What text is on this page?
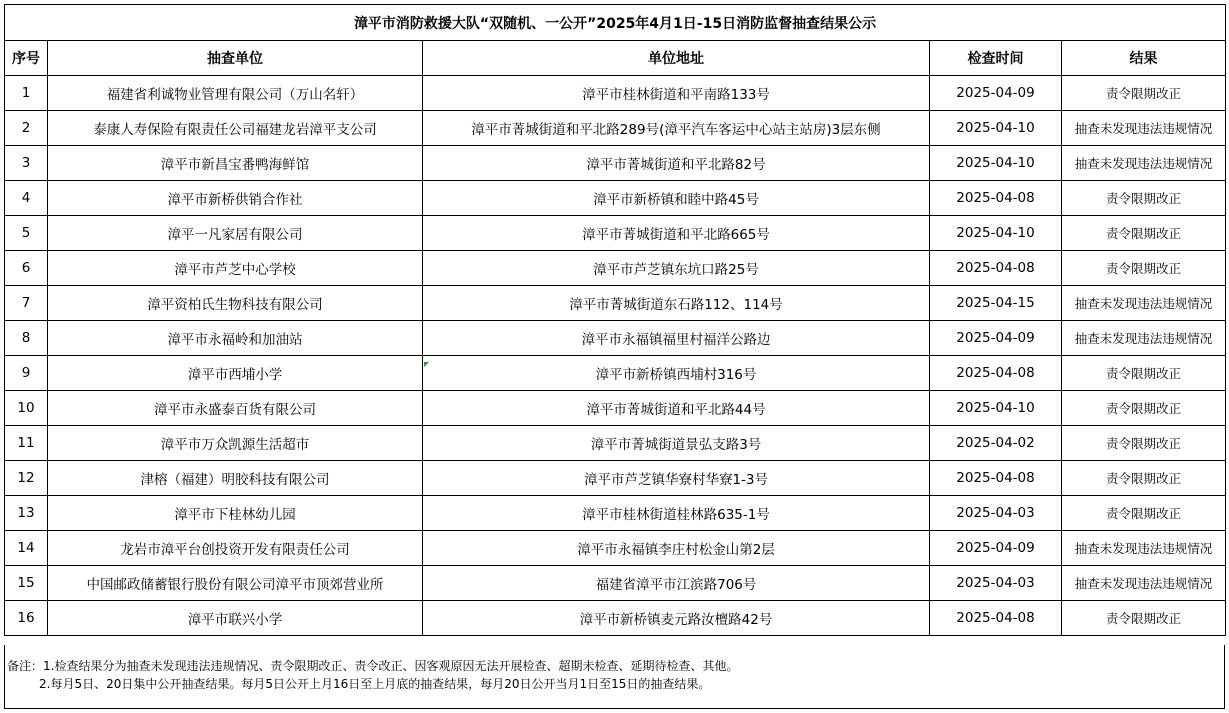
漳平市消防救援大队“双随机、一公开”2025年4月1日-15日消防监督抽查结果公示				
序号	抽查单位	单位地址	检查时间	结果
1	福建省利诚物业管理有限公司（万山名轩）	漳平市桂林街道和平南路133号	2025-04-09	责令限期改正
2	泰康人寿保险有限责任公司福建龙岩漳平支公司	漳平市菁城街道和平北路289号(漳平汽车客运中心站主站房)3层东侧	2025-04-10	抽查未发现违法违规情况
3	漳平市新昌宝番鸭海鲜馆	漳平市菁城街道和平北路82号	2025-04-10	抽查未发现违法违规情况
4	漳平市新桥供销合作社	漳平市新桥镇和睦中路45号	2025-04-08	责令限期改正
5	漳平一凡家居有限公司	漳平市菁城街道和平北路665号	2025-04-10	责令限期改正
6	漳平市芦芝中心学校	漳平市芦芝镇东坑口路25号	2025-04-08	责令限期改正
7	漳平资柏氏生物科技有限公司	漳平市菁城街道东石路112、114号	2025-04-15	抽查未发现违法违规情况
8	漳平市永福岭和加油站	漳平市永福镇福里村福洋公路边	2025-04-09	抽查未发现违法违规情况
9	漳平市西埔小学	漳平市新桥镇西埔村316号	2025-04-08	责令限期改正
10	漳平市永盛泰百货有限公司	漳平市菁城街道和平北路44号	2025-04-10	责令限期改正
11	漳平市万众凯源生活超市	漳平市菁城街道景弘支路3号	2025-04-02	责令限期改正
12	津榕（福建）明胶科技有限公司	漳平市芦芝镇华寮村华寮1-3号	2025-04-08	责令限期改正
13	漳平市下桂林幼儿园	漳平市桂林街道桂林路635-1号	2025-04-03	责令限期改正
14	龙岩市漳平台创投资开发有限责任公司	漳平市永福镇李庄村松金山第2层	2025-04-09	抽查未发现违法违规情况
15	中国邮政储蓄银行股份有限公司漳平市顶郊营业所	福建省漳平市江滨路706号	2025-04-03	抽查未发现违法违规情况
16	漳平市联兴小学	漳平市新桥镇麦元路汝檀路42号	2025-04-08	责令限期改正
备注：1.检查结果分为抽查未发现违法违规情况、责令限期改正、责令改正、因客观原因无法开展检查、超期未检查、延期待检查、其他。
2.每月5日、20日集中公开抽查结果。每月5日公开上月16日至上月底的抽查结果，每月20日公开当月1日至15日的抽查结果。
